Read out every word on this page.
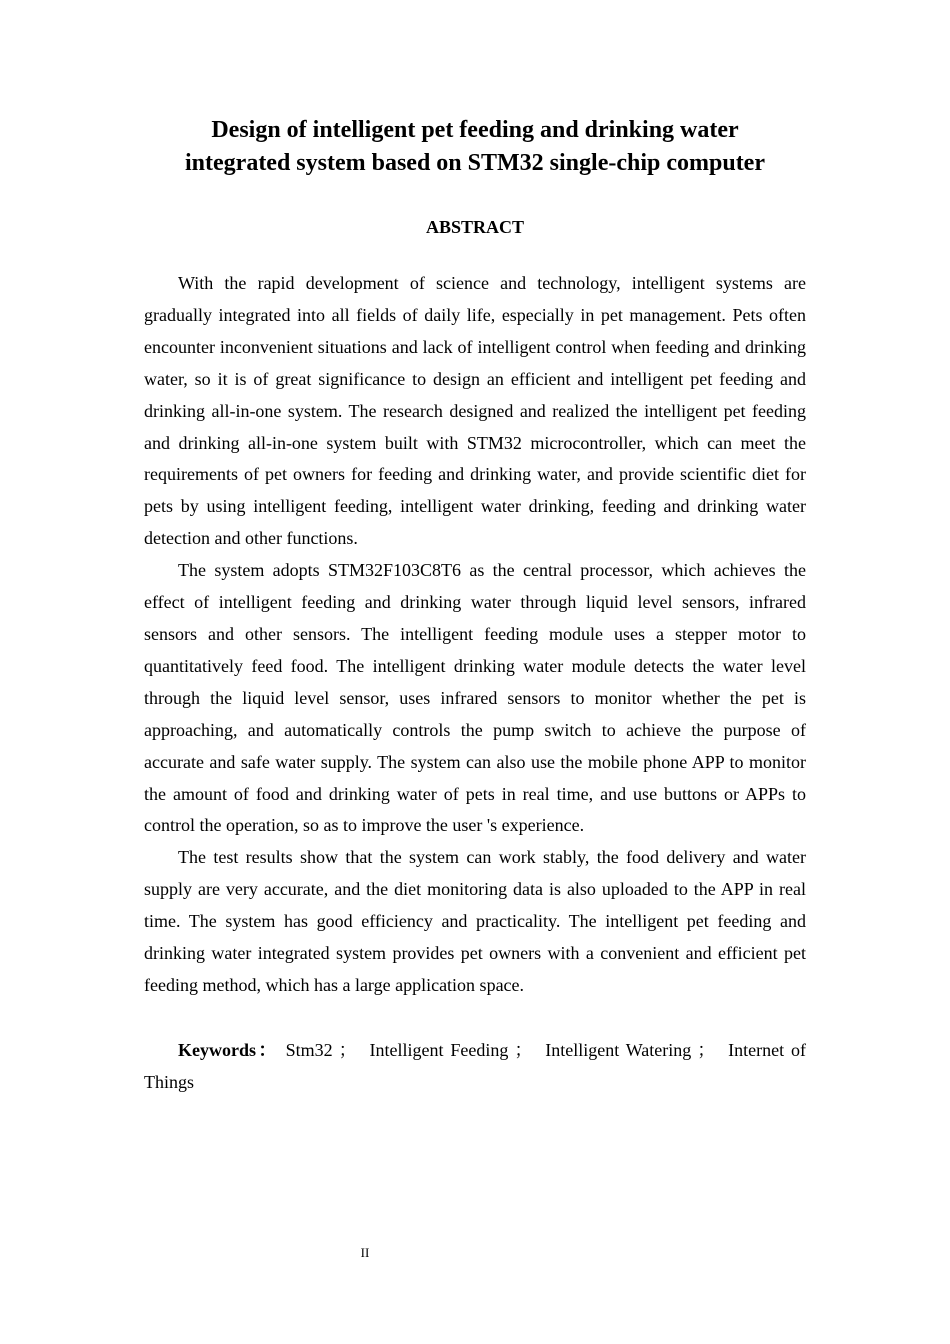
Design of intelligent pet feeding and drinking water
integrated system based on STM32 single-chip computer
ABSTRACT

With the rapid development of science and technology, intelligent systems are gradually integrated into all fields of daily life, especially in pet management. Pets often encounter inconvenient situations and lack of intelligent control when feeding and drinking water, so it is of great significance to design an efficient and intelligent pet feeding and drinking all-in-one system. The research designed and realized the intelligent pet feeding and drinking all-in-one system built with STM32 microcontroller, which can meet the requirements of pet owners for feeding and drinking water, and provide scientific diet for pets by using intelligent feeding, intelligent water drinking, feeding and drinking water detection and other functions.

The system adopts STM32F103C8T6 as the central processor, which achieves the effect of intelligent feeding and drinking water through liquid level sensors, infrared sensors and other sensors. The intelligent feeding module uses a stepper motor to quantitatively feed food. The intelligent drinking water module detects the water level through the liquid level sensor, uses infrared sensors to monitor whether the pet is approaching, and automatically controls the pump switch to achieve the purpose of accurate and safe water supply. The system can also use the mobile phone APP to monitor the amount of food and drinking water of pets in real time, and use buttons or APPs to control the operation, so as to improve the user 's experience.

The test results show that the system can work stably, the food delivery and water supply are very accurate, and the diet monitoring data is also uploaded to the APP in real time. The system has good efficiency and practicality. The intelligent pet feeding and drinking water integrated system provides pet owners with a convenient and efficient pet feeding method, which has a large application space.

Keywords： Stm32 ； Intelligent Feeding ； Intelligent Watering ； Internet of Things

II
